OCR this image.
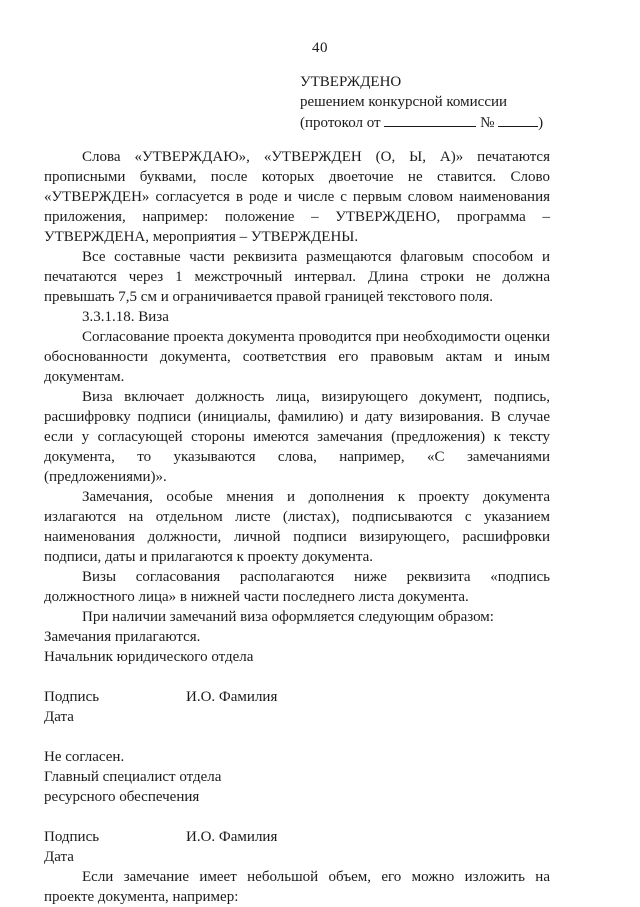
40
УТВЕРЖДЕНО
решением конкурсной комиссии
(протокол от	№	)

Слова «УТВЕРЖДАЮ», «УТВЕРЖДЕН (О, Ы, А)» печатаются прописными буквами, после которых двоеточие не ставится. Слово «УТВЕРЖДЕН» согласуется в роде и числе с первым словом наименования приложения, например: положение – УТВЕРЖДЕНО, программа – УТВЕРЖДЕНА, мероприятия – УТВЕРЖДЕНЫ.

Все составные части реквизита размещаются флаговым способом и печатаются через 1 межстрочный интервал. Длина строки не должна превышать 7,5 см и ограничивается правой границей текстового поля.

3.3.1.18. Виза

Согласование проекта документа проводится при необходимости оценки обоснованности документа, соответствия его правовым актам и иным документам.

Виза включает должность лица, визирующего документ, подпись, расшифровку подписи (инициалы, фамилию) и дату визирования. В случае если у согласующей стороны имеются замечания (предложения) к тексту документа, то указываются слова, например, «С замечаниями (предложениями)».

Замечания, особые мнения и дополнения к проекту документа излагаются на отдельном листе (листах), подписываются с указанием наименования должности, личной подписи визирующего, расшифровки подписи, даты и прилагаются к проекту документа.

Визы согласования располагаются ниже реквизита «подпись должностного лица» в нижней части последнего листа документа.

При наличии замечаний виза оформляется следующим образом:

Замечания прилагаются.

Начальник юридического отдела

Подпись	И.О. Фамилия

Дата

Не согласен.

Главный специалист отдела

ресурсного обеспечения

Подпись	И.О. Фамилия

Дата

Если замечание имеет небольшой объем, его можно изложить на проекте документа, например:
